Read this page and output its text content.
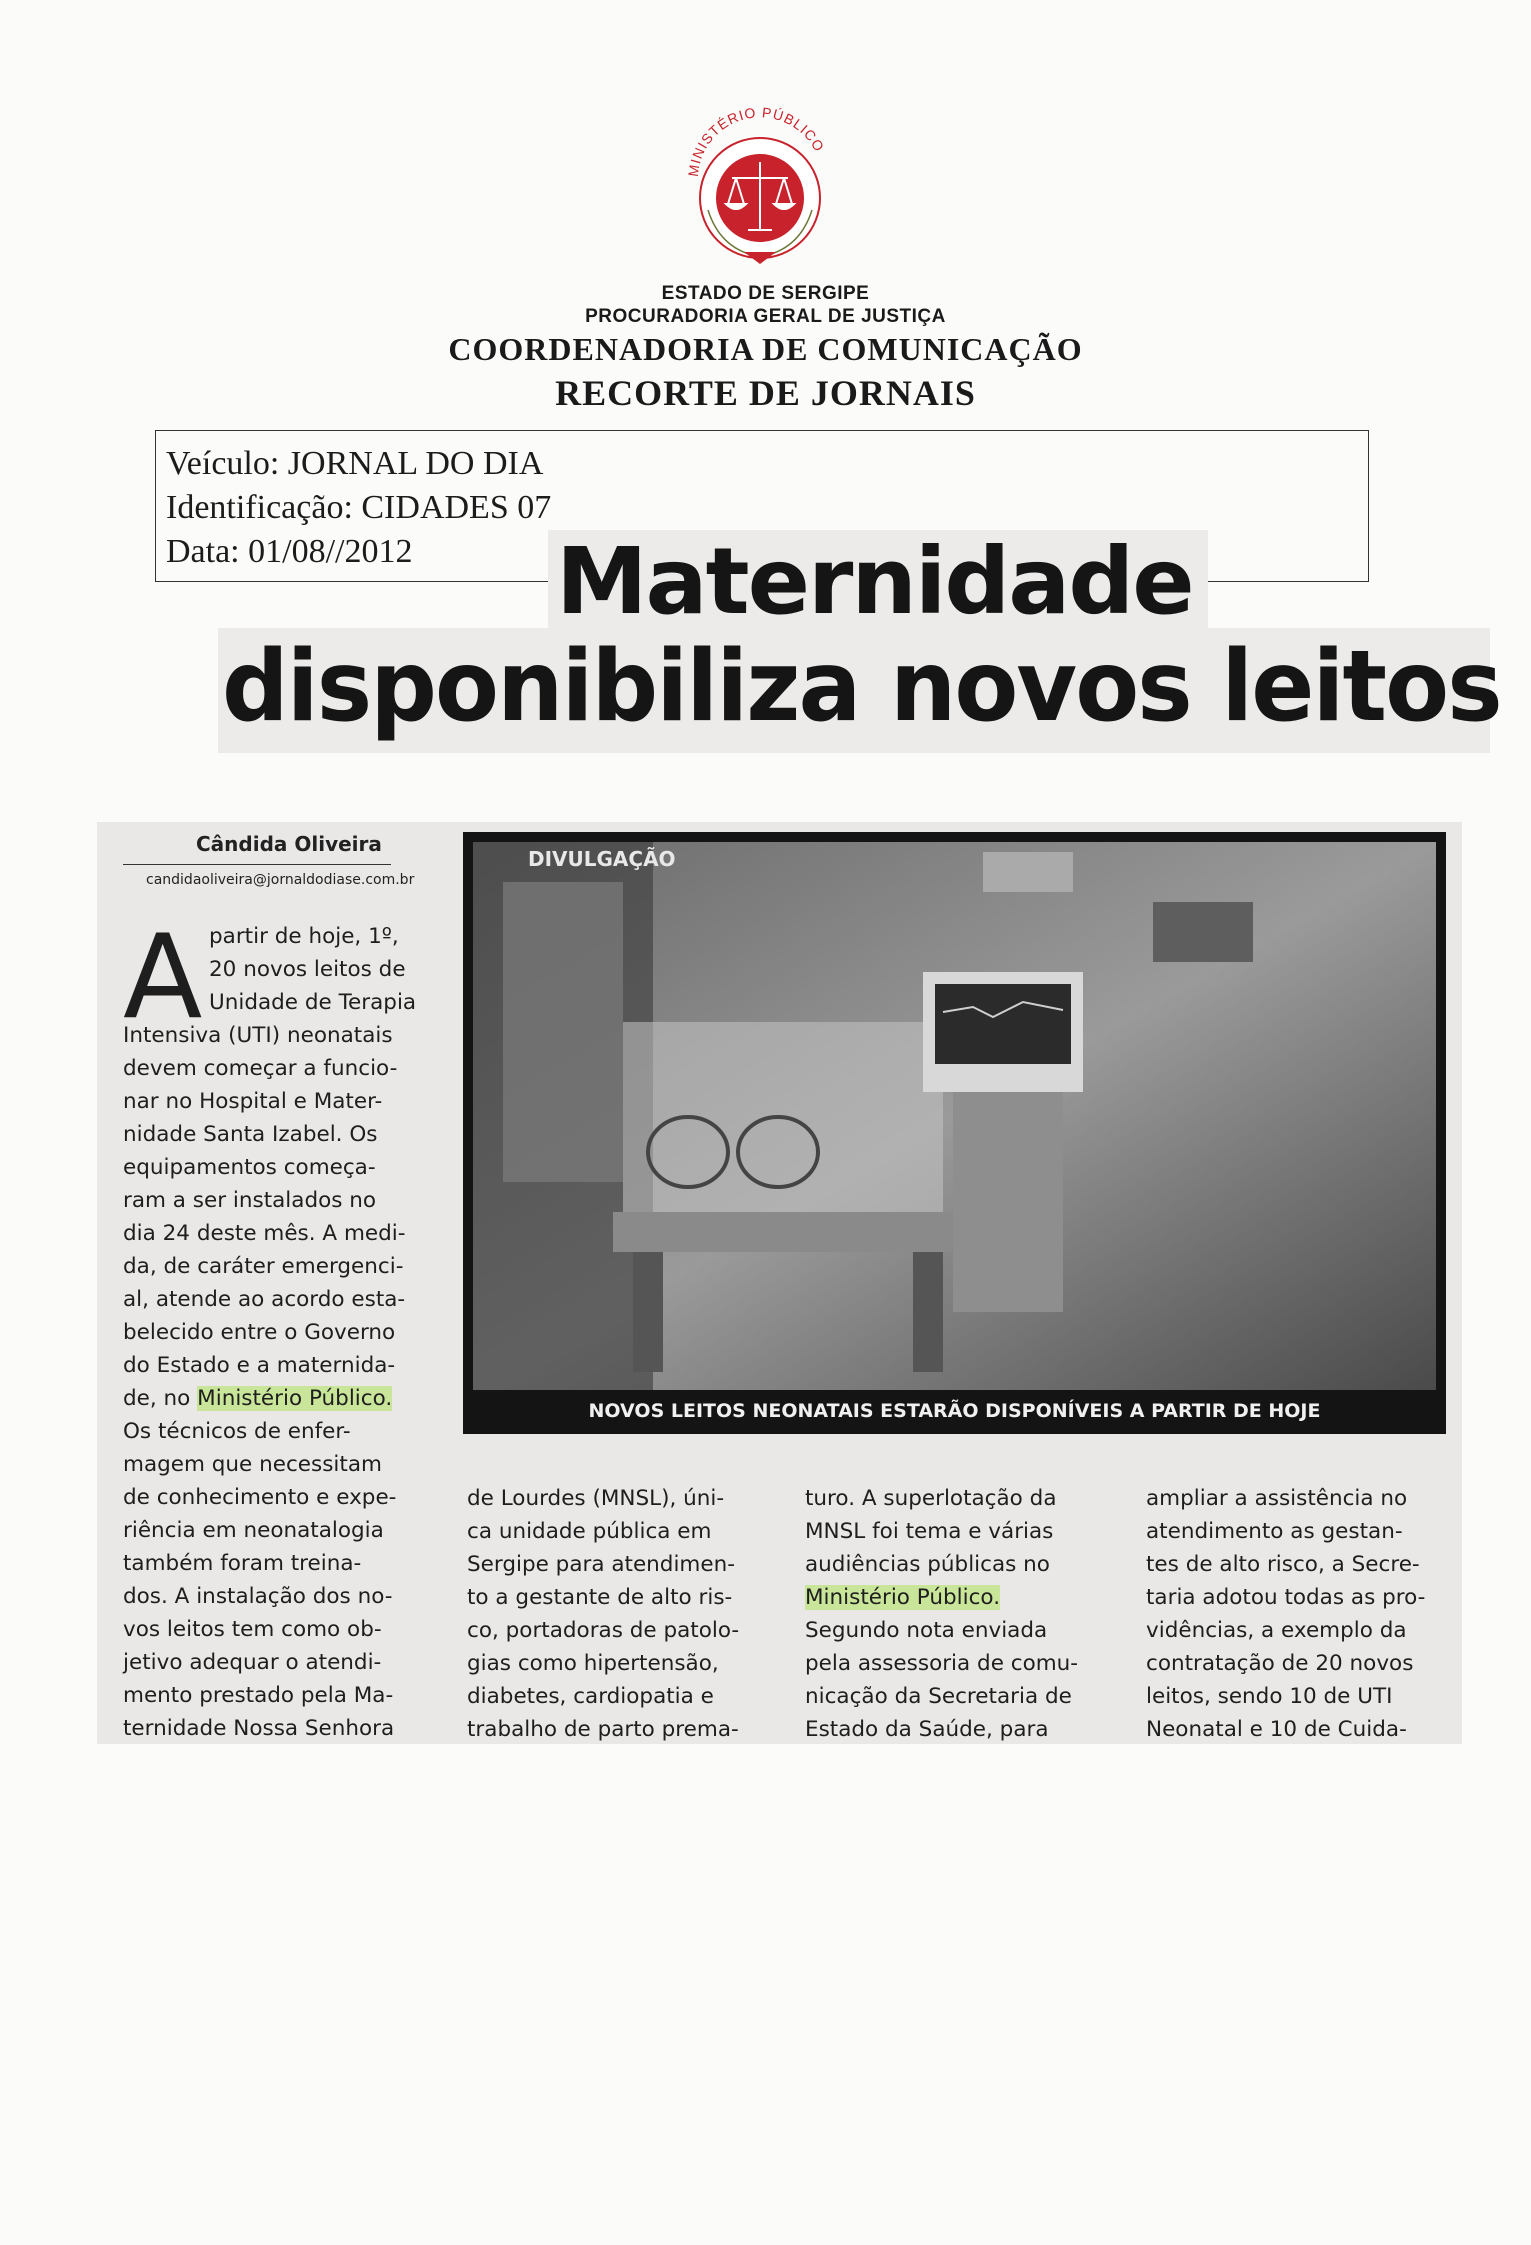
MINISTÉRIO PÚBLICO

ESTADO DE SERGIPE

PROCURADORIA GERAL DE JUSTIÇA

COORDENADORIA DE COMUNICAÇÃO

RECORTE DE JORNAIS

Veículo: JORNAL DO DIA
Identificação: CIDADES 07
Data: 01/08//2012 Maternidade
disponibiliza novos leitos
Cândida Oliveira
candidaoliveira@jornaldodiase.com.br
A partir de hoje, 1º,
20 novos leitos de
Unidade de Terapia

Intensiva (UTI) neonatais
devem começar a funcio-
nar no Hospital e Mater-
nidade Santa Izabel. Os
equipamentos começa-
ram a ser instalados no
dia 24 deste mês. A medi-
da, de caráter emergenci-
al, atende ao acordo esta-
belecido entre o Governo
do Estado e a maternida-
de, no Ministério Público.
Os técnicos de enfer-
magem que necessitam
de conhecimento e expe-
riência em neonatalogia
também foram treina-
dos. A instalação dos no-
vos leitos tem como ob-
jetivo adequar o atendi-
mento prestado pela Ma-
ternidade Nossa Senhora

DIVULGAÇÃO
NOVOS LEITOS NEONATAIS ESTARÃO DISPONÍVEIS A PARTIR DE HOJE

de Lourdes (MNSL), úni-
ca unidade pública em
Sergipe para atendimen-
to a gestante de alto ris-
co, portadoras de patolo-
gias como hipertensão,
diabetes, cardiopatia e
trabalho de parto prema-

turo. A superlotação da
MNSL foi tema e várias
audiências públicas no
Ministério Público.
Segundo nota enviada
pela assessoria de comu-
nicação da Secretaria de
Estado da Saúde, para

ampliar a assistência no
atendimento as gestan-
tes de alto risco, a Secre-
taria adotou todas as pro-
vidências, a exemplo da
contratação de 20 novos
leitos, sendo 10 de UTI
Neonatal e 10 de Cuida-
